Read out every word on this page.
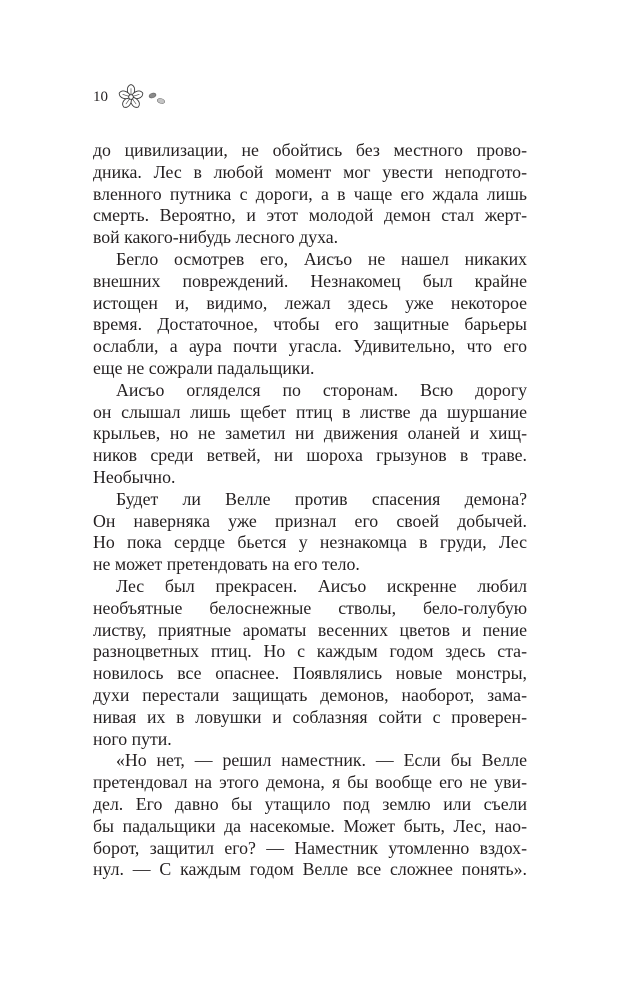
10
до цивилизации, не обойтись без местного прово-
дника. Лес в любой момент мог увести неподгото-
вленного путника с дороги, а в чаще его ждала лишь
смерть. Вероятно, и этот молодой демон стал жерт-
вой какого-нибудь лесного духа.
Бегло осмотрев его, Аисъо не нашел никаких
внешних повреждений. Незнакомец был крайне
истощен и, видимо, лежал здесь уже некоторое
время. Достаточное, чтобы его защитные барьеры
ослабли, а аура почти угасла. Удивительно, что его
еще не сожрали падальщики.
Аисъо огляделся по сторонам. Всю дорогу
он слышал лишь щебет птиц в листве да шуршание
крыльев, но не заметил ни движения оланей и хищ-
ников среди ветвей, ни шороха грызунов в траве.
Необычно.
Будет ли Велле против спасения демона?
Он наверняка уже признал его своей добычей.
Но пока сердце бьется у незнакомца в груди, Лес
не может претендовать на его тело.
Лес был прекрасен. Аисъо искренне любил
необъятные белоснежные стволы, бело-голубую
листву, приятные ароматы весенних цветов и пение
разноцветных птиц. Но с каждым годом здесь ста-
новилось все опаснее. Появлялись новые монстры,
духи перестали защищать демонов, наоборот, зама-
нивая их в ловушки и соблазняя сойти с проверен-
ного пути.
«Но нет, — решил наместник. — Если бы Велле
претендовал на этого демона, я бы вообще его не уви-
дел. Его давно бы утащило под землю или съели
бы падальщики да насекомые. Может быть, Лес, нао-
борот, защитил его? — Наместник утомленно вздох-
нул. — С каждым годом Велле все сложнее понять».
